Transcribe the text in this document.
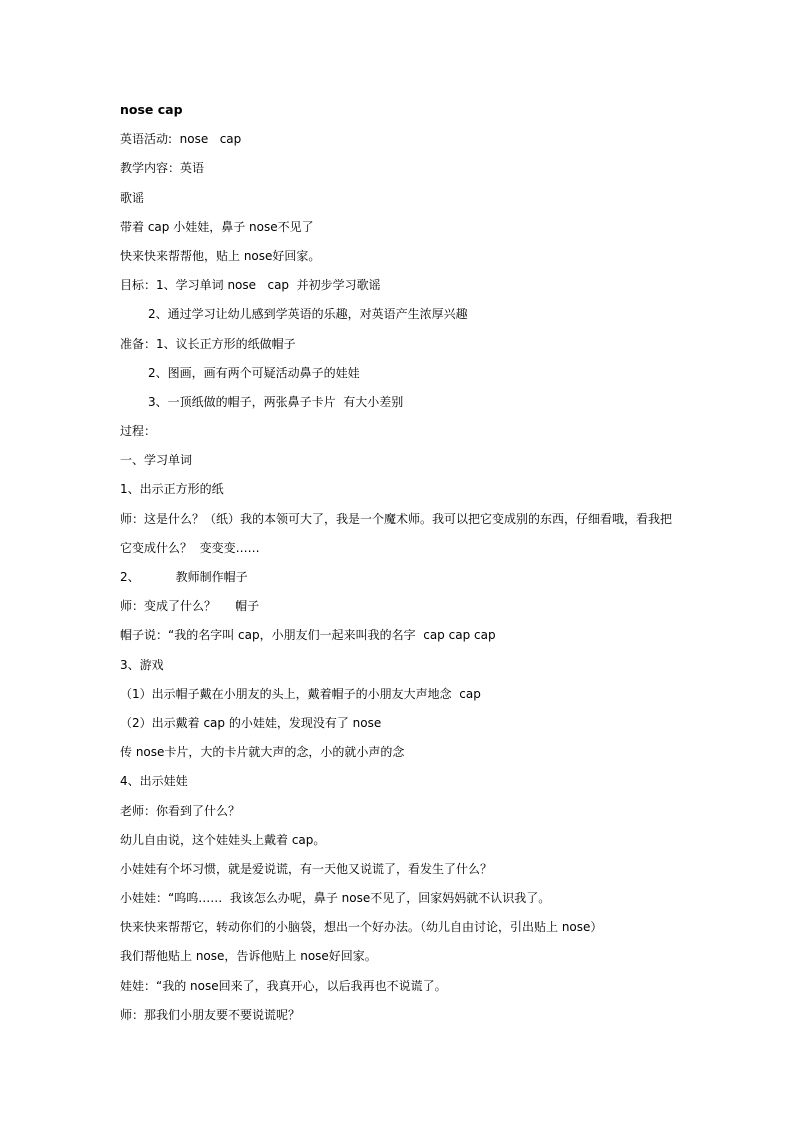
nose cap
英语活动:  nose   cap
教学内容：英语
歌谣
带着 cap 小娃娃，鼻子 nose不见了
快来快来帮帮他，贴上 nose好回家。
目标：1、学习单词 nose   cap  并初步学习歌谣
2、通过学习让幼儿感到学英语的乐趣，对英语产生浓厚兴趣
准备：1、议长正方形的纸做帽子
2、图画，画有两个可疑活动鼻子的娃娃
3、一顶纸做的帽子，两张鼻子卡片  有大小差别
过程：
一、学习单词
1、出示正方形的纸
师：这是什么？（纸）我的本领可大了，我是一个魔术师。我可以把它变成别的东西，仔细看哦，看我把
它变成什么？  变变变……
2、	教师制作帽子
师：变成了什么？     帽子
帽子说：“我的名字叫 cap，小朋友们一起来叫我的名字  cap cap cap
3、游戏
（1）出示帽子戴在小朋友的头上，戴着帽子的小朋友大声地念  cap
（2）出示戴着 cap 的小娃娃，发现没有了 nose
传 nose卡片，大的卡片就大声的念，小的就小声的念
4、出示娃娃
老师：你看到了什么？
幼儿自由说，这个娃娃头上戴着 cap。
小娃娃有个坏习惯，就是爱说谎，有一天他又说谎了，看发生了什么？
小娃娃：“呜呜……  我该怎么办呢，鼻子 nose不见了，回家妈妈就不认识我了。
快来快来帮帮它，转动你们的小脑袋，想出一个好办法。（幼儿自由讨论，引出贴上 nose）
我们帮他贴上 nose，告诉他贴上 nose好回家。
娃娃：“我的 nose回来了，我真开心，以后我再也不说谎了。
师：那我们小朋友要不要说谎呢？
